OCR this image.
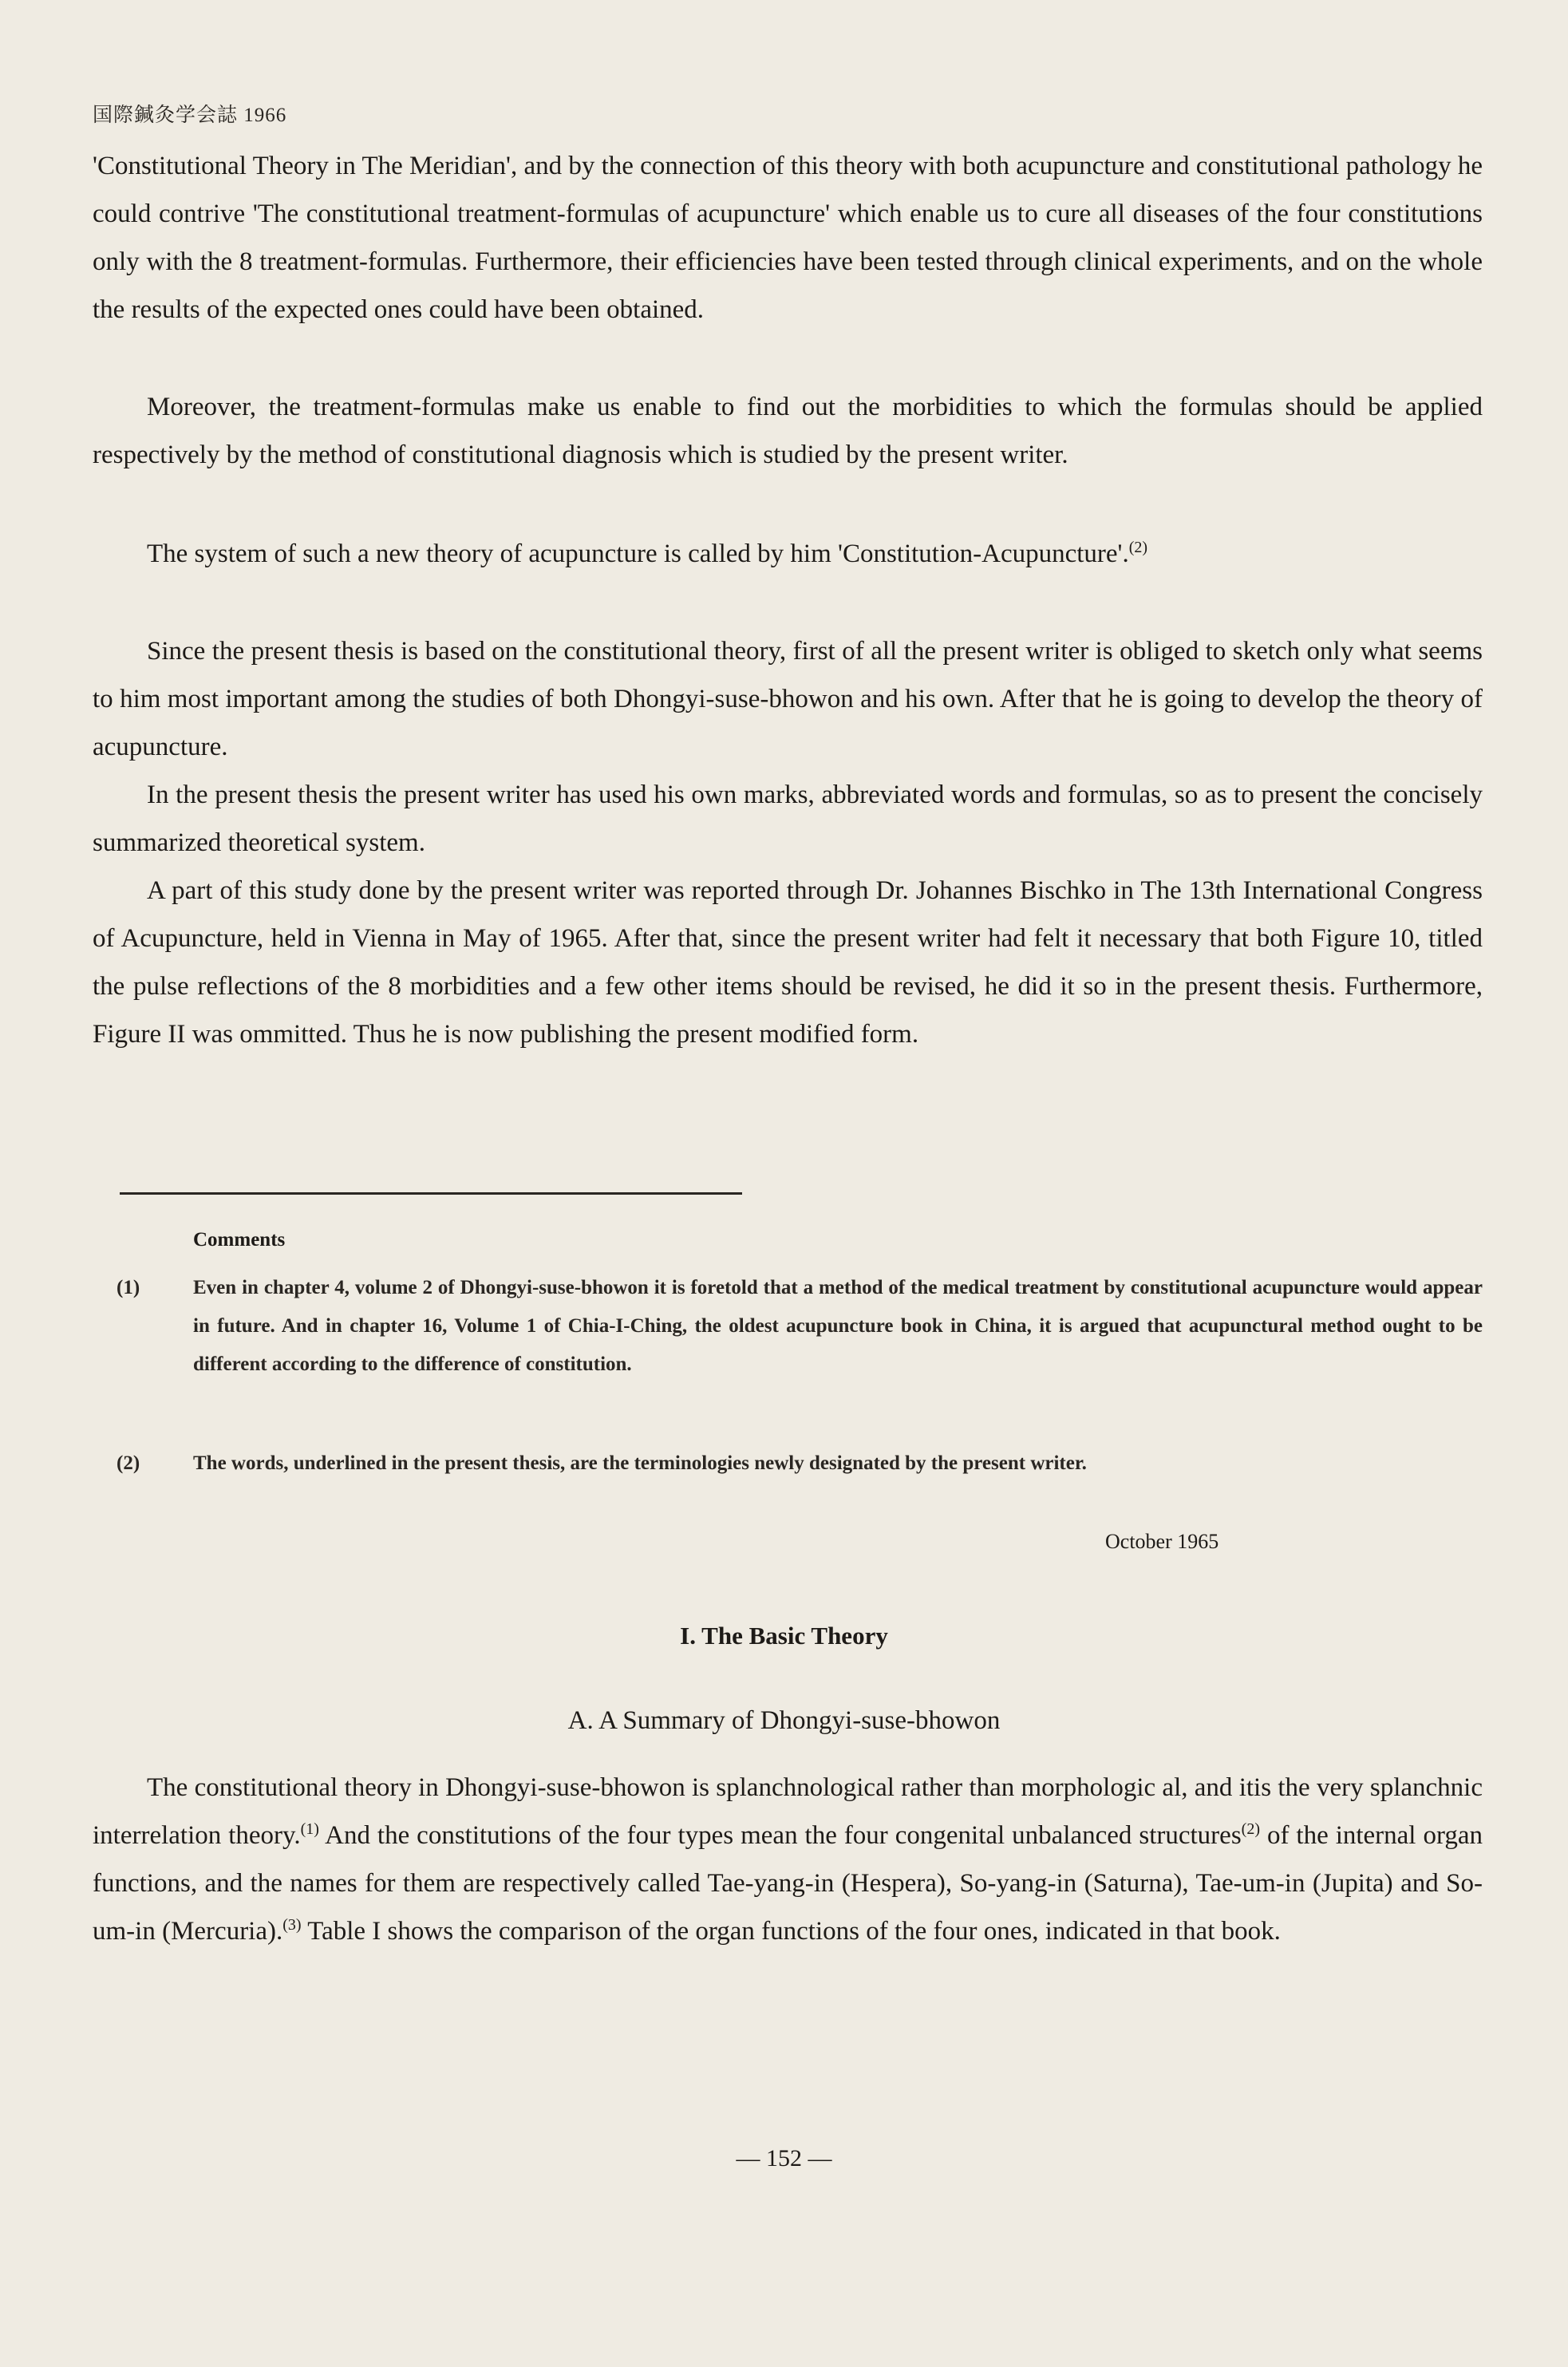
国際鍼灸学会誌 1966

'Constitutional Theory in The Meridian', and by the connection of this theory with both acupuncture and constitutional pathology he could contrive 'The constitutional treatment-formulas of acupuncture' which enable us to cure all diseases of the four constitutions only with the 8 treatment-formulas. Furthermore, their efficiencies have been tested through clinical experiments, and on the whole the results of the expected ones could have been obtained.

Moreover, the treatment-formulas make us enable to find out the morbidities to which the formulas should be applied respectively by the method of constitutional diagnosis which is studied by the present writer.

The system of such a new theory of acupuncture is called by him 'Constitution-Acupuncture'.$^{(2)}$

Since the present thesis is based on the constitutional theory, first of all the present writer is obliged to sketch only what seems to him most important among the studies of both Dhongyi-suse-bhowon and his own. After that he is going to develop the theory of acupuncture.

In the present thesis the present writer has used his own marks, abbreviated words and formulas, so as to present the concisely summarized theoretical system.

A part of this study done by the present writer was reported through Dr. Johannes Bischko in The 13th International Congress of Acupuncture, held in Vienna in May of 1965. After that, since the present writer had felt it necessary that both Figure 10, titled the pulse reflections of the 8 morbidities and a few other items should be revised, he did it so in the present thesis. Furthermore, Figure II was ommitted. Thus he is now publishing the present modified form.

Comments
(1)	Even in chapter 4, volume 2 of Dhongyi-suse-bhowon it is foretold that a method of the medical treatment by constitutional acupuncture would appear in future. And in chapter 16, Volume 1 of Chia-I-Ching, the oldest acupuncture book in China, it is argued that acupunctural method ought to be different according to the difference of constitution.
(2)	The words, underlined in the present thesis, are the terminologies newly designated by the present writer.
October 1965
I. The Basic Theory
A. A Summary of Dhongyi-suse-bhowon

The constitutional theory in Dhongyi-suse-bhowon is splanchnological rather than morphologic al, and itis the very splanchnic interrelation theory.$^{(1)}$ And the constitutions of the four types mean the four congenital unbalanced structures$^{(2)}$ of the internal organ functions, and the names for them are respectively called Tae-yang-in (Hespera), So-yang-in (Saturna), Tae-um-in (Jupita) and So-um-in (Mercuria).$^{(3)}$ Table I shows the comparison of the organ functions of the four ones, indicated in that book.

— 152 —
